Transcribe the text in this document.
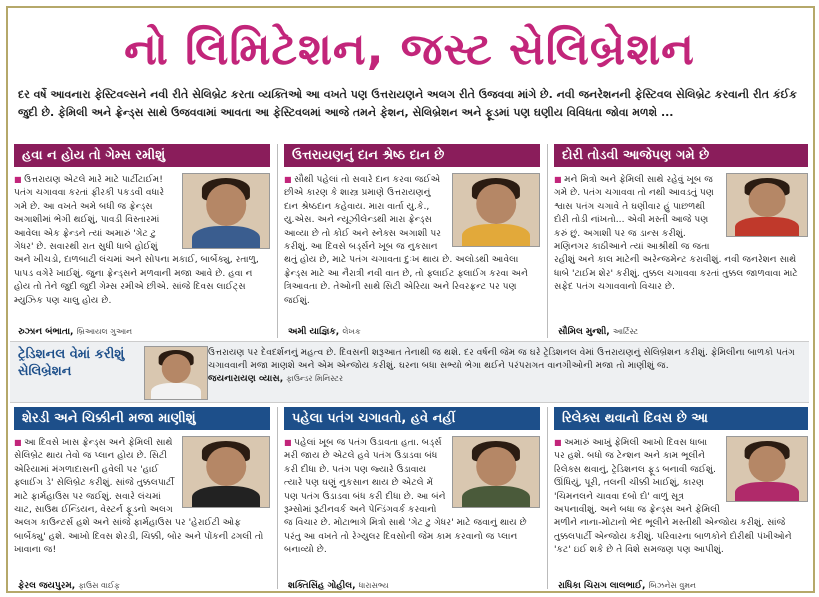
નો લિમિટેશન, જસ્ટ સેલિબ્રેશન
દર વર્ષે આવનારા ફેસ્ટિવલ્સને નવી રીતે સેલિબ્રેટ કરતા વ્યક્તિઓ આ વખતે પણ ઉત્તરાયણને અલગ રીતે ઉજવવા માંગે છે. નવી જનરેશનની ફેસ્ટિવલ સેલિબ્રેટ કરવાની રીત કંઈક જુદી છે. ફેમિલી અને ફ્રેન્ડ્સ સાથે ઉજવવામાં આવતા આ ફેસ્ટિવલમાં આજે તમને ફેશન, સેલિબ્રેશન અને ફૂડમાં પણ ઘણીય વિવિધતા જોવા મળશે ...
હવા ન હોય તો ગેમ્સ રમીશું
■ ઉત્તરાયણ એટલે મારે માટે પાર્ટીટાઈમ! પતંગ ચગાવવા કરતાં ફીરકી પકડવી વધારે ગમે છે. આ વખતે અમે બધી જ ફ્રેન્ડ્સ અગાશીમાં ભેગી થઈશું, પાવડી વિસ્તારમાં આવેલા એક ફ્રેન્ડને ત્યાં અમારું 'ગેટ ટુ ગેધર' છે. સવારથી રાત સુધી ધાબે હોઈશું અને ખીચડો, દાળબાટી લંચમાં અને સોપના મકાઈ, બાર્બેક્યુ, રતાળુ, પાપડ વગેરે ખાઈશું. જુના ફ્રેન્ડ્સને મળવાની મજા આવે છે. હવા ન હોય તો તેને જુદી જુદી ગેમ્સ રમીએ છીએ. સાંજે દિવસ લાઈટ્સ મ્યુઝિક પણ ચાલુ હોય છે.
રુઝાન બંભાતા, બ્રિઆયલ ગુઆન
ઉત્તરાયણનું દાન શ્રેષ્ઠ દાન છે
■ સૌથી પહેલાં તો સવારે દાન કરવા જઈએ છીએ કારણ કે શાસ્ત્ર પ્રમાણે ઉત્તરાયણનું દાન શ્રેષ્ઠદાન કહેવાય. મારા વાર્તા યુ.કે., યુ.એસ. અને ન્યૂઝીલેન્ડથી મારા ફ્રેન્ડ્સ આવ્યા છે તો કોઈ અને સ્નેક્સ અગાશી પર કરીશું. આ દિવસે બર્ડ્સને ખૂબ જ નુકસાન થતું હોય છે, માટે પતંગ ચગાવતા દુઃખ થાય છે. અલોડથી આવેલા ફ્રેન્ડ્સ માટે આ નૈરાત્રી નવી વાત છે, તો ફ્લાઈટ ફ્લાઈંગ કરવા અને ત્રિઆવતા છે. તેઓની સાથે સિટી એરિયા અને રિવરફ્રન્ટ પર પણ જઈશું.
અમી યાજ્ઞિક, લેખક
દોરી તોડવી આજેપણ ગમે છે
■ મને મિત્રો અને ફેમિલી સાથે રહેવું ખૂબ જ ગમે છે. પતંગ ચગાવવા તો નથી આવડતું પણ શ્વાસ પતંગ ચગાવે તે ઘણીવાર હું પાછળથી દોરી તોડી નાંખતો... એવી મસ્તી આજે પણ કરું છું. અગાશી પર જ ડાન્સ કરીશું. મણિનગર કાઠીઆને ત્યાં આશ્રીથી જ જતા રહીશું અને કાલ માટેની અરેન્જમેન્ટ કરાવીશું. નવી જનરેશન સાથે ધાબે 'ટાઈમ શેર' કરીશું. તુક્કલ ચગાવવા કરતાં તુક્કલ જાળવાવા માટે સફેદ પતંગ ચગાવવાનો વિચાર છે.
સૌમિલ મુન્શી, આર્ટિસ્ટ
ટ્રેડિશનલ વેમાં કરીશું સેલિબ્રેશન
ઉત્તરાયણ પર દેવદર્શનનું મહત્વ છે. દિવસની શરૂઆત તેનાથી જ થશે. દર વર્ષની જેમ જ ઘરે ટ્રેડિશનલ વેમાં ઉત્તરાયણનું સેલિબ્રેશન કરીશું. ફેમિલીના બાળકો પતંગ ચગાવવાની મજા માણશે અને એમ એન્જોય કરીશું. ઘરના બધા સભ્યો ભેગા થઈને પરંપરાગત વાનગીઓની મજા તો માણીશું જ.
જયનારાયણ વ્યાસ, ફાઉન્ડર મિનિસ્ટર
શેરડી અને ચિક્કીની મજા માણીશું
■ આ દિવસે ખાસ ફ્રેન્ડ્સ અને ફેમિલી સાથે સેલિબ્રેટ થાય તેવો જ પ્લાન હોય છે. સિટી એરિયામાં મંગળાદાસની હવેલી પર 'હાઈ ફ્લાઈંગ ડે' સેલિબ્રેટ કરીશું. સાંજે તુક્કલપાર્ટી માટે ફાર્મહાઉસ પર જઈશું. સવારે લંચમાં ચાટ, સાઉથ ઈન્ડિયન, વેસ્ટર્ન ફૂડનો અલગ અલગ કાઉન્ટર્સ હશે અને સાંજે ફાર્મહાઉસ પર 'હેરાઈટી ઓફ બાર્બેક્યુ' હશે. આખો દિવસ શેરડી, ચિક્કી, બોર અને પોંકની ઢગલી તો ખાવાના જ!
ફેરલ જયપુરમ, ફાઉસ વાઈફ
પહેલા પતંગ ચગાવતો, હવે નહીં
■ પહેલાં ખૂબ જ પતંગ ઉડાવતા હતા. બર્ડ્સ મરી જાય છે એટલે હવે પતંગ ઉડાડવા બંધ કરી દીધા છે. પતંગ પણ જ્યારે ઉડાવાય ત્યારે પણ ઘણું નુકસાન થાય છે એટલે મેં પણ પતંગ ઉડાડવા બંધ કરી દીધા છે. આ બંને રૂમ્સોમાં રૂટીનવર્ક અને પેન્ડિંગવર્ક કરવાનો જ વિચાર છે. મોટાભાગે મિત્રો સાથે 'ગેટ ટુ ગેધર' માટે જવાનું થાય છે પરંતુ આ વખતે તો રેગ્યુલર દિવસોની જેમ કામ કરવાનો જ પ્લાન બનાવ્યો છે.
શક્તિસિંહ ગોહીલ, ધારાસભ્ય
રિલેક્સ થવાનો દિવસ છે આ
■ અમારું આખું ફેમિલી આખો દિવસ ધાબા પર હશે. બધો જ ટેન્શન અને કામ ભૂલીને રિલેક્સ થવાનું, ટ્રેડિશનલ ફૂડ બનાવી જઈશું. ઊંધિયું, પૂરી, તલની ચીક્કી ખાઈશું, કારણ 'ચિમનલને ચાવવા દબો દો' વાળું સૂત્ર અપનાવીશું. અને બધા જ ફ્રેન્ડ્સ અને ફેમિલી મળીને નાના-મોટાનો ભેદ ભૂલીને મસ્તીથી એન્જોય કરીશું. સાંજે તુક્કલપાર્ટી એન્જોય કરીશું. પરિવારના બાળકોને દોરીથી પંખીઓને 'કટ' ઇઈ શકે છે તે વિશે સમજણ પણ આપીશું.
રાધિકા ચિરાગ લાલભાઈ, બિઝનેસ વુમન
